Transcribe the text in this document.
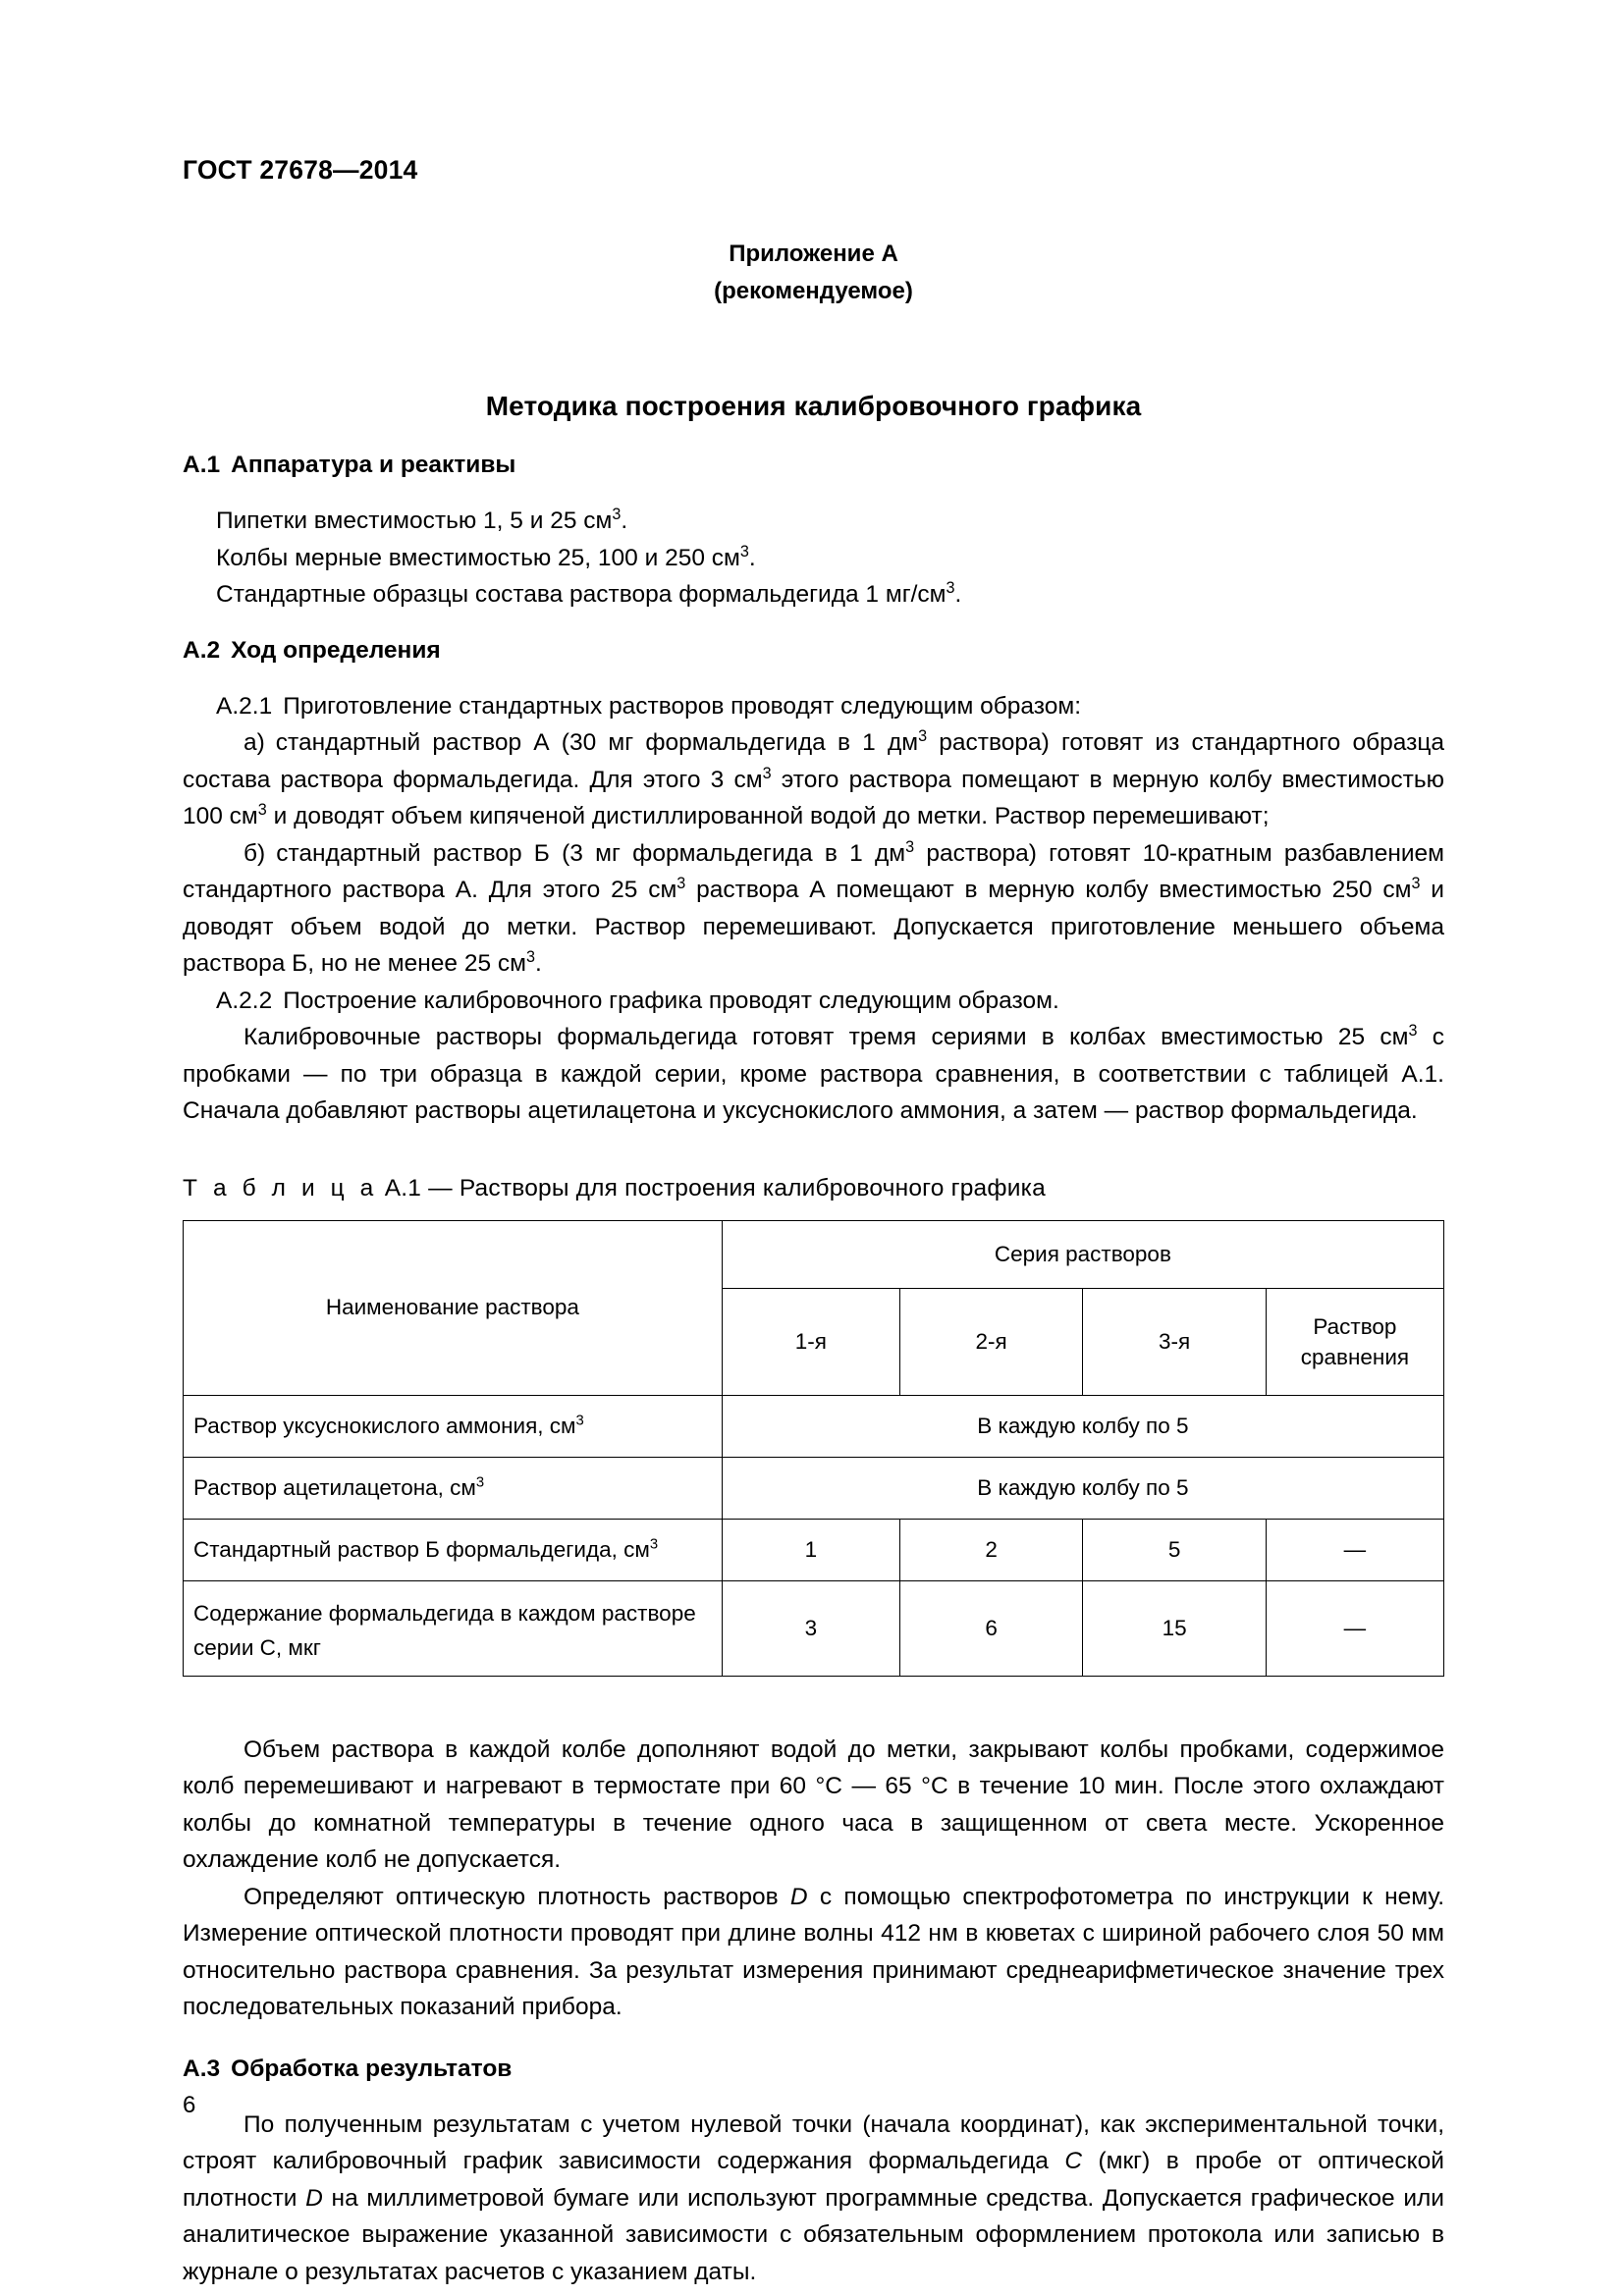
ГОСТ 27678—2014
Приложение А
(рекомендуемое)
Методика построения калибровочного графика
А.1 Аппаратура и реактивы

Пипетки вместимостью 1, 5 и 25 $см^3$.

Колбы мерные вместимостью 25, 100 и 250 $см^3$.

Стандартные образцы состава раствора формальдегида 1 $мг/см^3$.

А.2 Ход определения

А.2.1 Приготовление стандартных растворов проводят следующим образом:

а) стандартный раствор А (30 мг формальдегида в 1 $дм^3$ раствора) готовят из стандартного образца состава раствора формальдегида. Для этого 3 $см^3$ этого раствора помещают в мерную колбу вместимостью 100 $см^3$ и доводят объем кипяченой дистиллированной водой до метки. Раствор перемешивают;

б) стандартный раствор Б (3 мг формальдегида в 1 $дм^3$ раствора) готовят 10-кратным разбавлением стандартного раствора А. Для этого 25 $см^3$ раствора А помещают в мерную колбу вместимостью 250 $см^3$ и доводят объем водой до метки. Раствор перемешивают. Допускается приготовление меньшего объема раствора Б, но не менее 25 $см^3$.

А.2.2 Построение калибровочного графика проводят следующим образом.

Калибровочные растворы формальдегида готовят тремя сериями в колбах вместимостью 25 $см^3$ с пробками — по три образца в каждой серии, кроме раствора сравнения, в соответствии с таблицей А.1. Сначала добавляют растворы ацетилацетона и уксуснокислого аммония, а затем — раствор формальдегида.

Т а б л и ц а А.1 — Растворы для построения калибровочного графика
Наименование раствора	Серия растворов			
	1-я	2-я	3-я	Раствор
сравнения

Раствор уксуснокислого аммония, $см^3$	В каждую колбу по 5			
Раствор ацетилацетона, $см^3$	В каждую колбу по 5			
Стандартный раствор Б формальдегида, $см^3$	1	2	5	—

Содержание формальдегида в каждом растворе
серии С, мкг	3	6	15	—

Объем раствора в каждой колбе дополняют водой до метки, закрывают колбы пробками, содержимое колб перемешивают и нагревают в термостате при 60 °С — 65 °С в течение 10 мин. После этого охлаждают колбы до комнатной температуры в течение одного часа в защищенном от света месте. Ускоренное охлаждение колб не допускается.

Определяют оптическую плотность растворов D с помощью спектрофотометра по инструкции к нему. Измерение оптической плотности проводят при длине волны 412 нм в кюветах с шириной рабочего слоя 50 мм относительно раствора сравнения. За результат измерения принимают среднеарифметическое значение трех последовательных показаний прибора.

А.3 Обработка результатов

По полученным результатам с учетом нулевой точки (начала координат), как экспериментальной точки, строят калибровочный график зависимости содержания формальдегида С (мкг) в пробе от оптической плотности D на миллиметровой бумаге или используют программные средства. Допускается графическое или аналитическое выражение указанной зависимости с обязательным оформлением протокола или записью в журнале о результатах расчетов с указанием даты.

6
